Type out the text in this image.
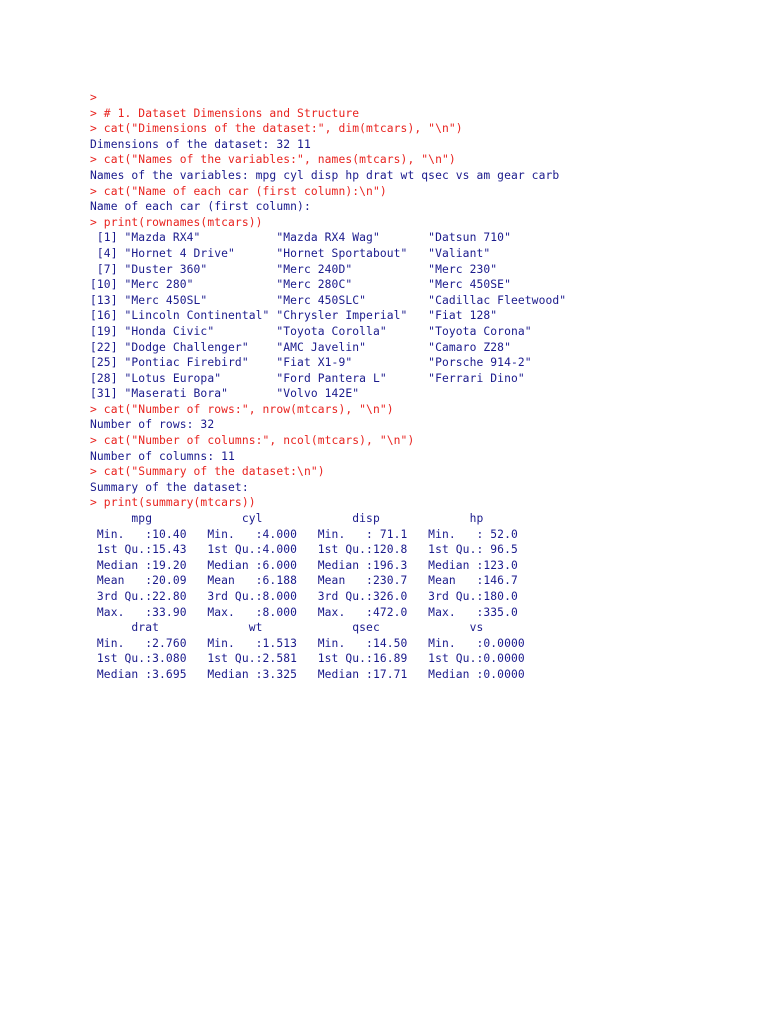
>
> # 1. Dataset Dimensions and Structure
> cat("Dimensions of the dataset:", dim(mtcars), "\n")
Dimensions of the dataset: 32 11
> cat("Names of the variables:", names(mtcars), "\n")
Names of the variables: mpg cyl disp hp drat wt qsec vs am gear carb
> cat("Name of each car (first column):\n")
Name of each car (first column):
> print(rownames(mtcars))
[1] "Mazda RX4"           "Mazda RX4 Wag"       "Datsun 710"
[4] "Hornet 4 Drive"      "Hornet Sportabout"   "Valiant"
[7] "Duster 360"          "Merc 240D"           "Merc 230"
[10] "Merc 280"            "Merc 280C"           "Merc 450SE"
[13] "Merc 450SL"          "Merc 450SLC"         "Cadillac Fleetwood"
[16] "Lincoln Continental" "Chrysler Imperial"   "Fiat 128"
[19] "Honda Civic"         "Toyota Corolla"      "Toyota Corona"
[22] "Dodge Challenger"    "AMC Javelin"         "Camaro Z28"
[25] "Pontiac Firebird"    "Fiat X1-9"           "Porsche 914-2"
[28] "Lotus Europa"        "Ford Pantera L"      "Ferrari Dino"
[31] "Maserati Bora"       "Volvo 142E"
> cat("Number of rows:", nrow(mtcars), "\n")
Number of rows: 32
> cat("Number of columns:", ncol(mtcars), "\n")
Number of columns: 11
> cat("Summary of the dataset:\n")
Summary of the dataset:
> print(summary(mtcars))
mpg             cyl             disp             hp
Min.   :10.40   Min.   :4.000   Min.   : 71.1   Min.   : 52.0
1st Qu.:15.43   1st Qu.:4.000   1st Qu.:120.8   1st Qu.: 96.5
Median :19.20   Median :6.000   Median :196.3   Median :123.0
Mean   :20.09   Mean   :6.188   Mean   :230.7   Mean   :146.7
3rd Qu.:22.80   3rd Qu.:8.000   3rd Qu.:326.0   3rd Qu.:180.0
Max.   :33.90   Max.   :8.000   Max.   :472.0   Max.   :335.0
drat             wt             qsec             vs
Min.   :2.760   Min.   :1.513   Min.   :14.50   Min.   :0.0000
1st Qu.:3.080   1st Qu.:2.581   1st Qu.:16.89   1st Qu.:0.0000
Median :3.695   Median :3.325   Median :17.71   Median :0.0000
